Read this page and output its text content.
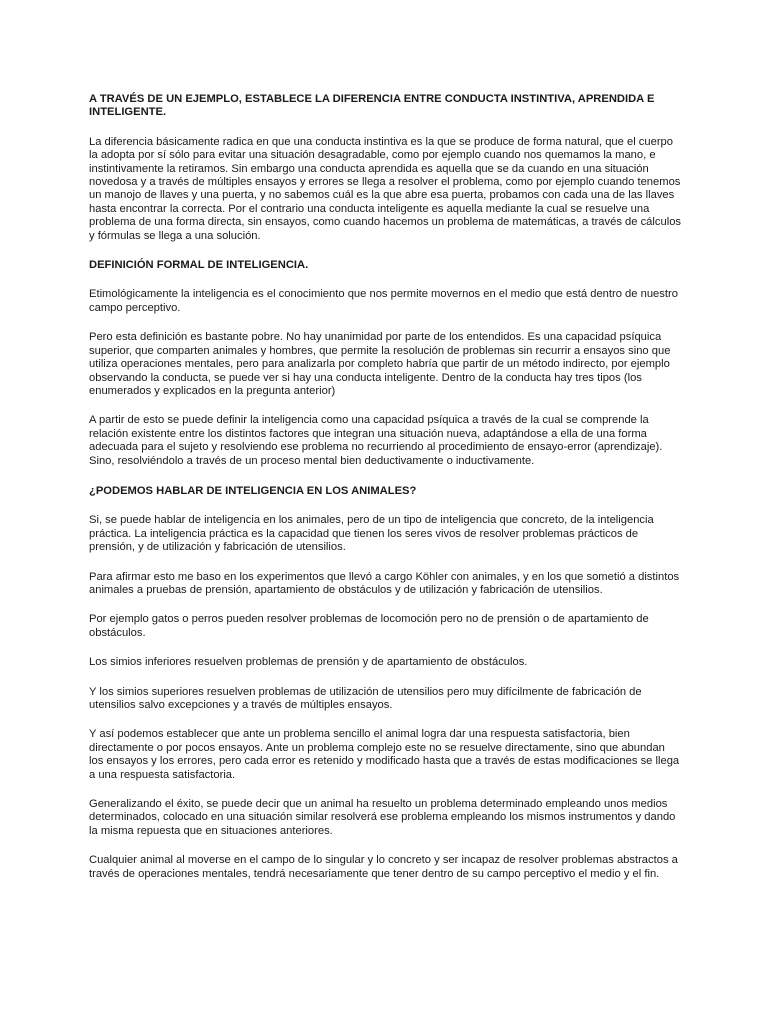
A TRAVÉS DE UN EJEMPLO, ESTABLECE LA DIFERENCIA ENTRE CONDUCTA INSTINTIVA, APRENDIDA E INTELIGENTE.

La diferencia básicamente radica en que una conducta instintiva es la que se produce de forma natural, que el cuerpo la adopta por sí sólo para evitar una situación desagradable, como por ejemplo cuando nos quemamos la mano, e instintivamente la retiramos. Sin embargo una conducta aprendida es aquella que se da cuando en una situación novedosa y a través de múltiples ensayos y errores se llega a resolver el problema, como por ejemplo cuando tenemos un manojo de llaves y una puerta, y no sabemos cuál es la que abre esa puerta, probamos con cada una de las llaves hasta encontrar la correcta. Por el contrario una conducta inteligente es aquella mediante la cual se resuelve una problema de una forma directa, sin ensayos, como cuando hacemos un problema de matemáticas, a través de cálculos y fórmulas se llega a una solución.

DEFINICIÓN FORMAL DE INTELIGENCIA.

Etimológicamente la inteligencia es el conocimiento que nos permite movernos en el medio que está dentro de nuestro campo perceptivo.

Pero esta definición es bastante pobre. No hay unanimidad por parte de los entendidos. Es una capacidad psíquica superior, que comparten animales y hombres, que permite la resolución de problemas sin recurrir a ensayos sino que utiliza operaciones mentales, pero para analizarla por completo habría que partir de un método indirecto, por ejemplo observando la conducta, se puede ver si hay una conducta inteligente. Dentro de la conducta hay tres tipos (los enumerados y explicados en la pregunta anterior)

A partir de esto se puede definir la inteligencia como una capacidad psíquica a través de la cual se comprende la relación existente entre los distintos factores que integran una situación nueva, adaptándose a ella de una forma adecuada para el sujeto y resolviendo ese problema no recurriendo al procedimiento de ensayo-error (aprendizaje). Sino, resolviéndolo a través de un proceso mental bien deductivamente o inductivamente.

¿PODEMOS HABLAR DE INTELIGENCIA EN LOS ANIMALES?

Si, se puede hablar de inteligencia en los animales, pero de un tipo de inteligencia que concreto, de la inteligencia práctica. La inteligencia práctica es la capacidad que tienen los seres vivos de resolver problemas prácticos de prensión, y de utilización y fabricación de utensilios.

Para afirmar esto me baso en los experimentos que llevó a cargo Köhler con animales, y en los que sometió a distintos animales a pruebas de prensión, apartamiento de obstáculos y de utilización y fabricación de utensilios.

Por ejemplo gatos o perros pueden resolver problemas de locomoción pero no de prensión o de apartamiento de obstáculos.

Los simios inferiores resuelven problemas de prensión y de apartamiento de obstáculos.

Y los simios superiores resuelven problemas de utilización de utensilios pero muy difícilmente de fabricación de utensilios salvo excepciones y a través de múltiples ensayos.

Y así podemos establecer que ante un problema sencillo el animal logra dar una respuesta satisfactoria, bien directamente o por pocos ensayos. Ante un problema complejo este no se resuelve directamente, sino que abundan los ensayos y los errores, pero cada error es retenido y modificado hasta que a través de estas modificaciones se llega a una respuesta satisfactoria.

Generalizando el éxito, se puede decir que un animal ha resuelto un problema determinado empleando unos medios determinados, colocado en una situación similar resolverá ese problema empleando los mismos instrumentos y dando la misma repuesta que en situaciones anteriores.

Cualquier animal al moverse en el campo de lo singular y lo concreto y ser incapaz de resolver problemas abstractos a través de operaciones mentales, tendrá necesariamente que tener dentro de su campo perceptivo el medio y el fin.
